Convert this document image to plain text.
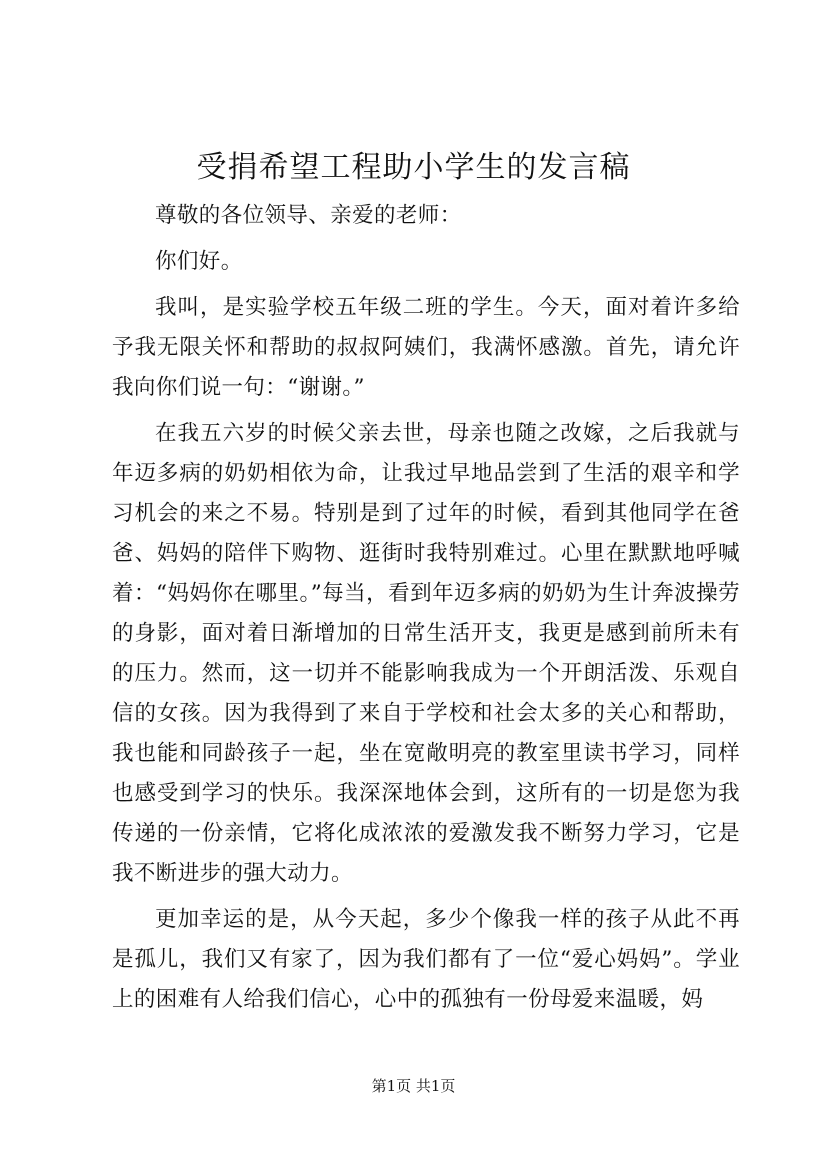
受捐希望工程助小学生的发言稿

尊敬的各位领导、亲爱的老师：

你们好。

我叫，是实验学校五年级二班的学生。今天，面对着许多给予我无限关怀和帮助的叔叔阿姨们，我满怀感激。首先，请允许我向你们说一句：“谢谢。”

在我五六岁的时候父亲去世，母亲也随之改嫁，之后我就与年迈多病的奶奶相依为命，让我过早地品尝到了生活的艰辛和学习机会的来之不易。特别是到了过年的时候，看到其他同学在爸爸、妈妈的陪伴下购物、逛街时我特别难过。心里在默默地呼喊着：“妈妈你在哪里。”每当，看到年迈多病的奶奶为生计奔波操劳的身影，面对着日渐增加的日常生活开支，我更是感到前所未有的压力。然而，这一切并不能影响我成为一个开朗活泼、乐观自信的女孩。因为我得到了来自于学校和社会太多的关心和帮助，我也能和同龄孩子一起，坐在宽敞明亮的教室里读书学习，同样也感受到学习的快乐。我深深地体会到，这所有的一切是您为我传递的一份亲情，它将化成浓浓的爱激发我不断努力学习，它是我不断进步的强大动力。

更加幸运的是，从今天起，多少个像我一样的孩子从此不再是孤儿，我们又有家了，因为我们都有了一位“爱心妈妈”。学业上的困难有人给我们信心，心中的孤独有一份母爱来温暖，妈

第1页 共1页
